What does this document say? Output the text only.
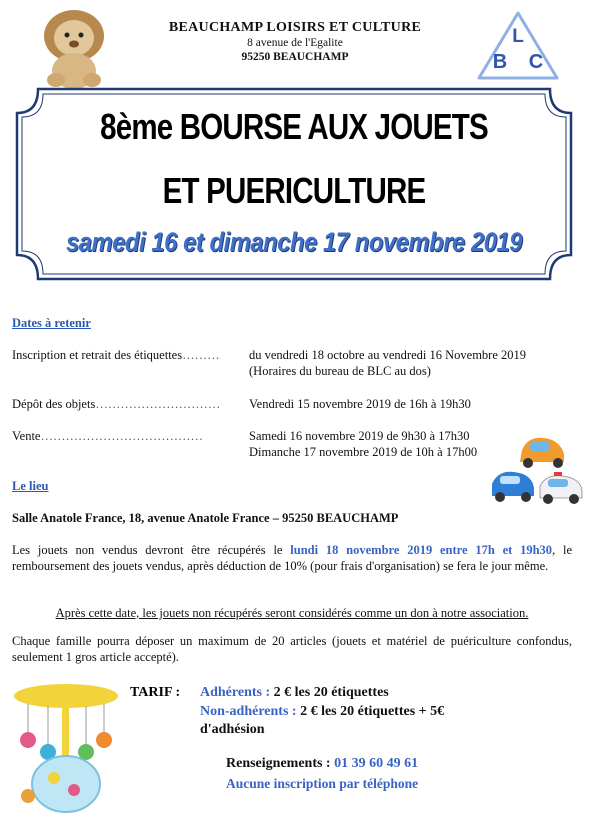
BEAUCHAMP LOISIRS ET CULTURE
8 avenue de l'Egalite
95250 BEAUCHAMP
L
B C
8ème BOURSE AUX JOUETS
ET PUERICULTURE
samedi 16 et dimanche 17 novembre 2019
Dates à retenir
Inscription et retrait des étiquettes……… du vendredi 18 octobre au vendredi 16 Novembre 2019
(Horaires du bureau de BLC au dos)
Dépôt des objets………………………… Vendredi 15 novembre 2019 de 16h à 19h30
Vente…………………………………	Samedi 16 novembre 2019 de 9h30 à 17h30
Dimanche 17 novembre 2019 de 10h à 17h00
Le lieu
Salle Anatole France, 18, avenue Anatole France – 95250 BEAUCHAMP
Les jouets non vendus devront être récupérés le lundi 18 novembre 2019 entre 17h et 19h30, le remboursement des jouets vendus, après déduction de 10% (pour frais d'organisation) se fera le jour même.
Après cette date, les jouets non récupérés seront considérés comme un don à notre association.
Chaque famille pourra déposer un maximum de 20 articles (jouets et matériel de puériculture confondus, seulement 1 gros article accepté).
TARIF : Adhérents : 2 € les 20 étiquettes
Non-adhérents : 2 € les 20 étiquettes + 5€
d'adhésion
Renseignements : 01 39 60 49 61
Aucune inscription par téléphone
